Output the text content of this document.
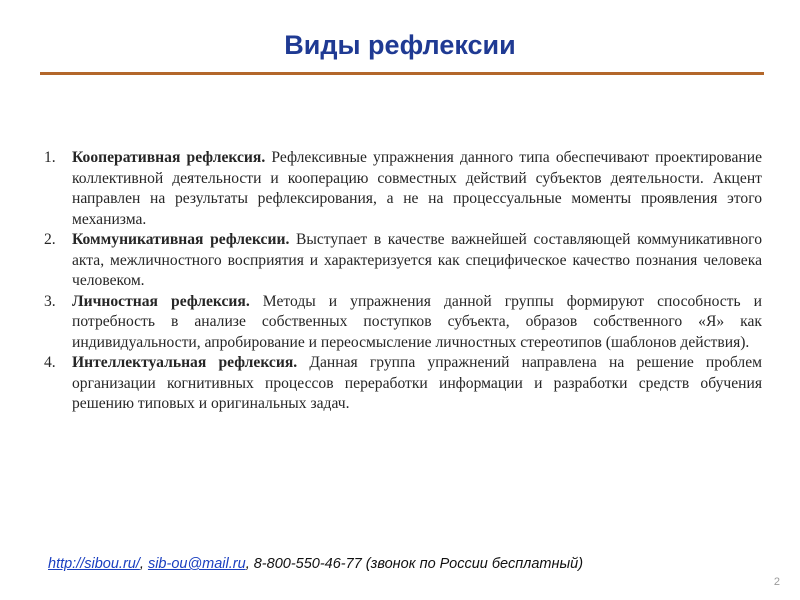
Виды рефлексии
1.	Кооперативная рефлексия. Рефлексивные упражнения данного типа обеспечивают проектирование коллективной деятельности и кооперацию совместных действий субъектов деятельности. Акцент направлен на результаты рефлексирования, а не на процессуальные моменты проявления этого механизма.
2.	Коммуникативная рефлексии. Выступает в качестве важнейшей составляющей коммуникативного акта, межличностного восприятия и характеризуется как специфическое качество познания человека человеком.
3.	Личностная рефлексия. Методы и упражнения данной группы формируют способность и потребность в анализе собственных поступков субъекта, образов собственного «Я» как индивидуальности, апробирование и переосмысление личностных стереотипов (шаблонов действия).
4.	Интеллектуальная рефлексия. Данная группа упражнений направлена на решение проблем организации когнитивных процессов переработки информации и разработки средств обучения решению типовых и оригинальных задач.
http://sibou.ru/, sib-ou@mail.ru, 8-800-550-46-77 (звонок по России бесплатный)
2
